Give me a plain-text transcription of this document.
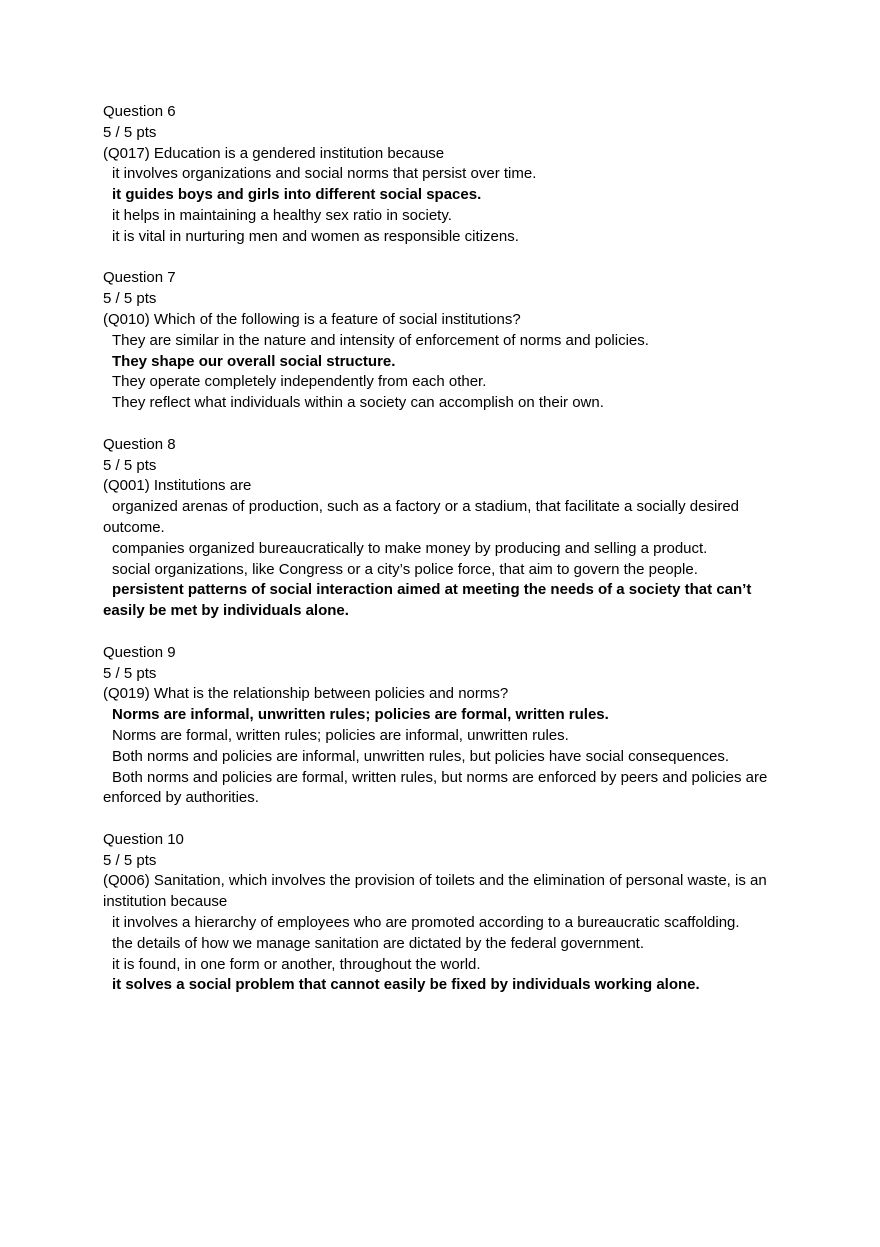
Question 6

5 / 5 pts

(Q017) Education is a gendered institution because

it involves organizations and social norms that persist over time.

it guides boys and girls into different social spaces.

it helps in maintaining a healthy sex ratio in society.

it is vital in nurturing men and women as responsible citizens.

Question 7

5 / 5 pts

(Q010) Which of the following is a feature of social institutions?

They are similar in the nature and intensity of enforcement of norms and policies.

They shape our overall social structure.

They operate completely independently from each other.

They reflect what individuals within a society can accomplish on their own.

Question 8

5 / 5 pts

(Q001) Institutions are

organized arenas of production, such as a factory or a stadium, that facilitate a socially desired outcome.

companies organized bureaucratically to make money by producing and selling a product.

social organizations, like Congress or a city’s police force, that aim to govern the people.

persistent patterns of social interaction aimed at meeting the needs of a society that can’t easily be met by individuals alone.

Question 9

5 / 5 pts

(Q019) What is the relationship between policies and norms?

Norms are informal, unwritten rules; policies are formal, written rules.

Norms are formal, written rules; policies are informal, unwritten rules.

Both norms and policies are informal, unwritten rules, but policies have social consequences.

Both norms and policies are formal, written rules, but norms are enforced by peers and policies are enforced by authorities.

Question 10

5 / 5 pts

(Q006) Sanitation, which involves the provision of toilets and the elimination of personal waste, is an institution because

it involves a hierarchy of employees who are promoted according to a bureaucratic scaffolding.

the details of how we manage sanitation are dictated by the federal government.

it is found, in one form or another, throughout the world.

it solves a social problem that cannot easily be fixed by individuals working alone.
